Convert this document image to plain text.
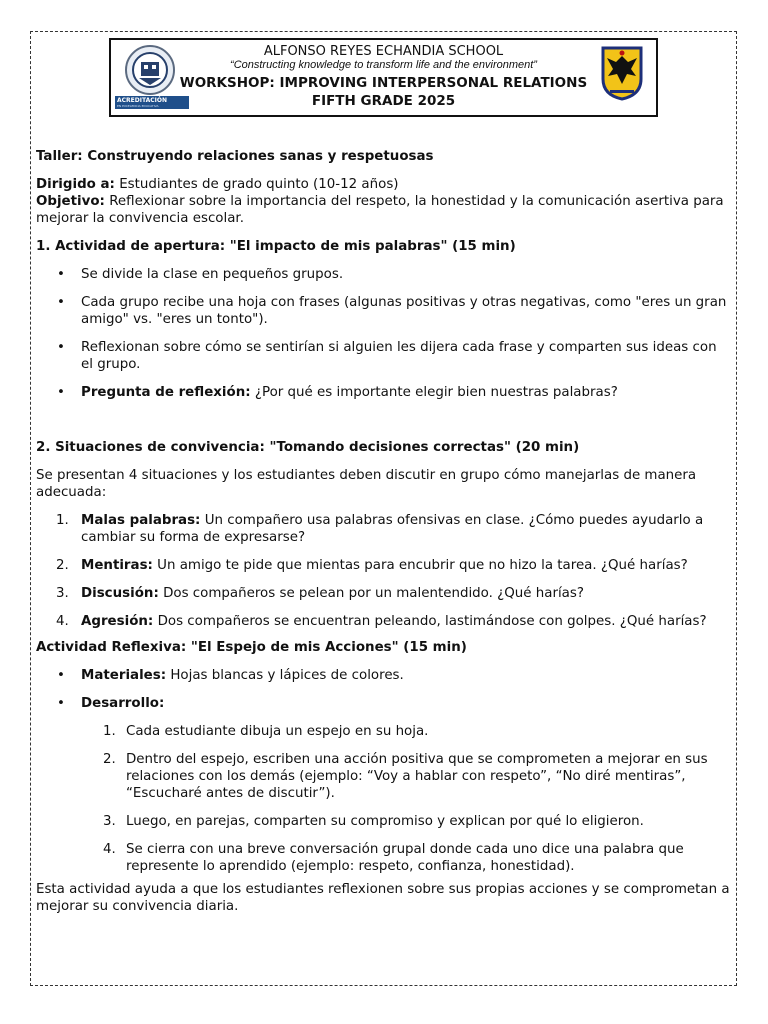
ACREDITACIÓN
EN EXCELENCIA EDUCATIVA
ALFONSO REYES ECHANDIA SCHOOL
“Constructing knowledge to transform life and the environment”
WORKSHOP: IMPROVING INTERPERSONAL RELATIONS
FIFTH GRADE 2025

Taller: Construyendo relaciones sanas y respetuosas

Dirigido a: Estudiantes de grado quinto (10-12 años)

Objetivo: Reflexionar sobre la importancia del respeto, la honestidad y la comunicación asertiva para mejorar la convivencia escolar.

1. Actividad de apertura: "El impacto de mis palabras" (15 min)

• Se divide la clase en pequeños grupos.
• Cada grupo recibe una hoja con frases (algunas positivas y otras negativas, como "eres un gran amigo" vs. "eres un tonto").
• Reflexionan sobre cómo se sentirían si alguien les dijera cada frase y comparten sus ideas con el grupo.
• Pregunta de reflexión: ¿Por qué es importante elegir bien nuestras palabras?

2. Situaciones de convivencia: "Tomando decisiones correctas" (20 min)

Se presentan 4 situaciones y los estudiantes deben discutir en grupo cómo manejarlas de manera adecuada:

1. Malas palabras: Un compañero usa palabras ofensivas en clase. ¿Cómo puedes ayudarlo a cambiar su forma de expresarse?
2. Mentiras: Un amigo te pide que mientas para encubrir que no hizo la tarea. ¿Qué harías?
3. Discusión: Dos compañeros se pelean por un malentendido. ¿Qué harías?
4. Agresión: Dos compañeros se encuentran peleando, lastimándose con golpes. ¿Qué harías?

Actividad Reflexiva: "El Espejo de mis Acciones" (15 min)

• Materiales: Hojas blancas y lápices de colores.
• Desarrollo:
1. Cada estudiante dibuja un espejo en su hoja.
2. Dentro del espejo, escriben una acción positiva que se comprometen a mejorar en sus relaciones con los demás (ejemplo: “Voy a hablar con respeto”, “No diré mentiras”, “Escucharé antes de discutir”).
3. Luego, en parejas, comparten su compromiso y explican por qué lo eligieron.
4. Se cierra con una breve conversación grupal donde cada uno dice una palabra que represente lo aprendido (ejemplo: respeto, confianza, honestidad).

Esta actividad ayuda a que los estudiantes reflexionen sobre sus propias acciones y se comprometan a mejorar su convivencia diaria.
